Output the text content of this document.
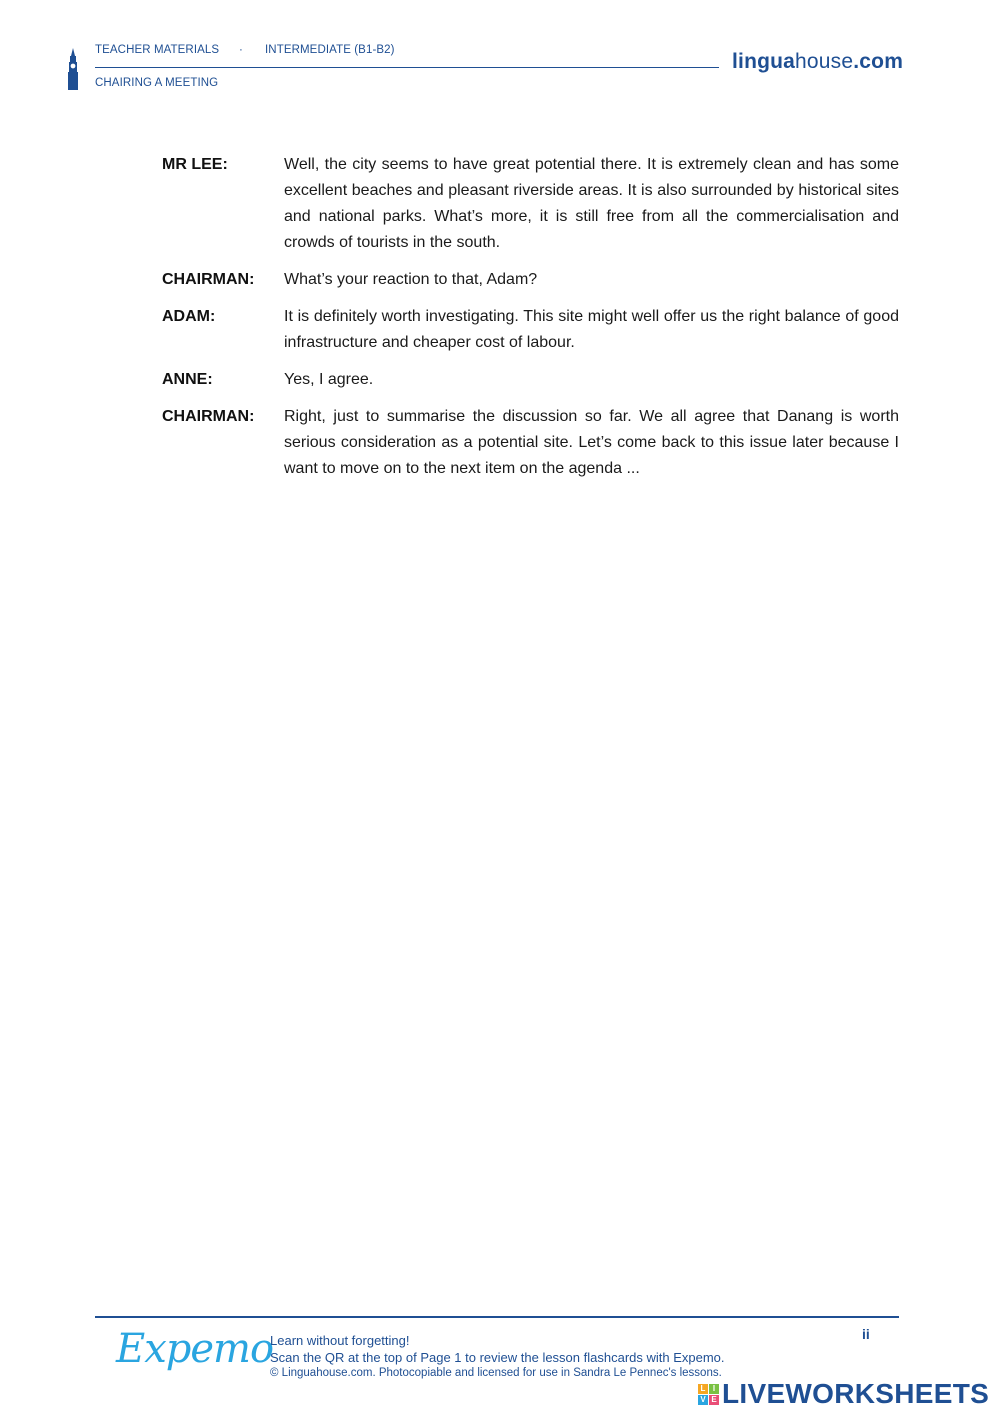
TEACHER MATERIALS · INTERMEDIATE (B1-B2)
CHAIRING A MEETING
linguahouse.com
MR LEE:	Well, the city seems to have great potential there. It is extremely clean and has some excellent beaches and pleasant riverside areas. It is also surrounded by historical sites and national parks. What’s more, it is still free from all the commercialisation and crowds of tourists in the south.
CHAIRMAN:	What’s your reaction to that, Adam?
ADAM:	It is definitely worth investigating. This site might well offer us the right balance of good infrastructure and cheaper cost of labour.
ANNE:	Yes, I agree.
CHAIRMAN:	Right, just to summarise the discussion so far. We all agree that Danang is worth serious consideration as a potential site. Let’s come back to this issue later because I want to move on to the next item on the agenda ...
Expemo
Learn without forgetting!
Scan the QR at the top of Page 1 to review the lesson flashcards with Expemo.
© Linguahouse.com. Photocopiable and licensed for use in Sandra Le Pennec's lessons.
ii
L I
V E LIVEWORKSHEETS
